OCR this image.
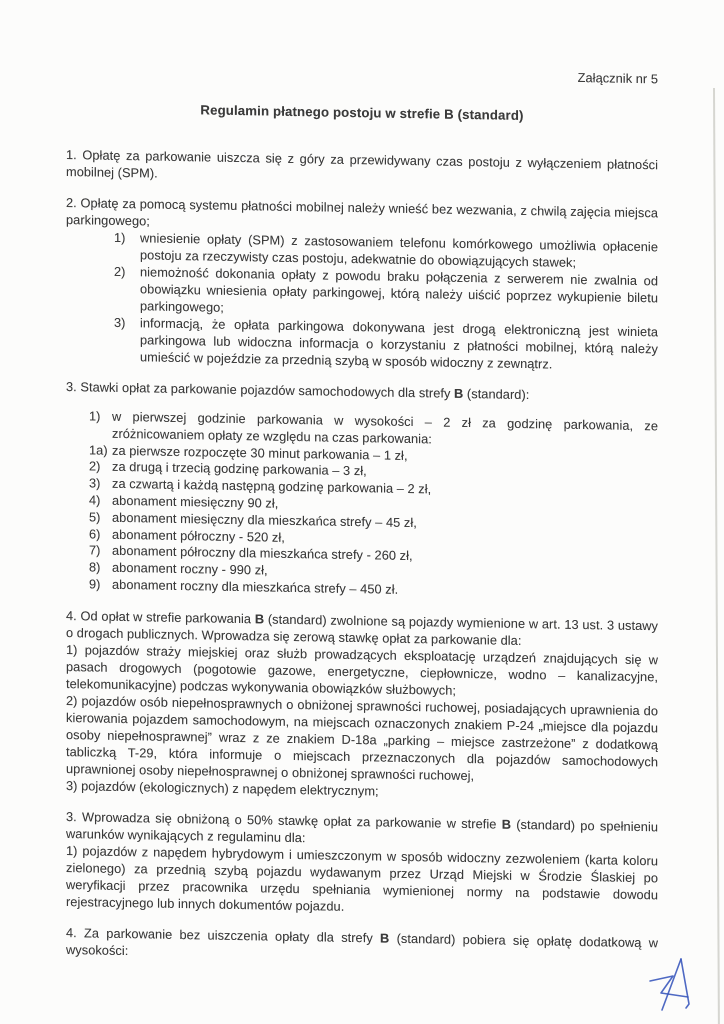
Załącznik nr 5
Regulamin płatnego postoju w strefie B (standard)

1. Opłatę za parkowanie uiszcza się z góry za przewidywany czas postoju z wyłączeniem płatności mobilnej (SPM).

2. Opłatę za pomocą systemu płatności mobilnej należy wnieść bez wezwania, z chwilą zajęcia miejsca parkingowego;

1)	wniesienie opłaty (SPM) z zastosowaniem telefonu komórkowego umożliwia opłacenie postoju za rzeczywisty czas postoju, adekwatnie do obowiązujących stawek;
2)	niemożność dokonania opłaty z powodu braku połączenia z serwerem nie zwalnia od obowiązku wniesienia opłaty parkingowej, którą należy uiścić poprzez wykupienie biletu parkingowego;
3)	informacją, że opłata parkingowa dokonywana jest drogą elektroniczną jest winieta parkingowa lub widoczna informacja o korzystaniu z płatności mobilnej, którą należy umieścić w pojeździe za przednią szybą w sposób widoczny z zewnątrz.

3. Stawki opłat za parkowanie pojazdów samochodowych dla strefy B (standard):

1) w pierwszej godzinie parkowania w wysokości – 2 zł za godzinę parkowania, ze zróżnicowaniem opłaty ze względu na czas parkowania:
1a) za pierwsze rozpoczęte 30 minut parkowania – 1 zł,
2) za drugą i trzecią godzinę parkowania – 3 zł,
3) za czwartą i każdą następną godzinę parkowania – 2 zł,
4) abonament miesięczny 90 zł,
5) abonament miesięczny dla mieszkańca strefy – 45 zł,
6) abonament półroczny - 520 zł,
7) abonament półroczny dla mieszkańca strefy - 260 zł,
8) abonament roczny - 990 zł,
9) abonament roczny dla mieszkańca strefy – 450 zł.

4. Od opłat w strefie parkowania B (standard) zwolnione są pojazdy wymienione w art. 13 ust. 3 ustawy o drogach publicznych. Wprowadza się zerową stawkę opłat za parkowanie dla:

1) pojazdów straży miejskiej oraz służb prowadzących eksploatację urządzeń znajdujących się w pasach drogowych (pogotowie gazowe, energetyczne, ciepłownicze, wodno – kanalizacyjne, telekomunikacyjne) podczas wykonywania obowiązków służbowych;

2) pojazdów osób niepełnosprawnych o obniżonej sprawności ruchowej, posiadających uprawnienia do kierowania pojazdem samochodowym, na miejscach oznaczonych znakiem P-24 „miejsce dla pojazdu osoby niepełnosprawnej” wraz z ze znakiem D-18a „parking – miejsce zastrzeżone” z dodatkową tabliczką T-29, która informuje o miejscach przeznaczonych dla pojazdów samochodowych uprawnionej osoby niepełnosprawnej o obniżonej sprawności ruchowej,

3) pojazdów (ekologicznych) z napędem elektrycznym;

3. Wprowadza się obniżoną o 50% stawkę opłat za parkowanie w strefie B (standard) po spełnieniu warunków wynikających z regulaminu dla:

1) pojazdów z napędem hybrydowym i umieszczonym w sposób widoczny zezwoleniem (karta koloru zielonego) za przednią szybą pojazdu wydawanym przez Urząd Miejski w Środzie Ślaskiej po weryfikacji przez pracownika urzędu spełniania wymienionej normy na podstawie dowodu rejestracyjnego lub innych dokumentów pojazdu.

4. Za parkowanie bez uiszczenia opłaty dla strefy B (standard) pobiera się opłatę dodatkową w wysokości:
